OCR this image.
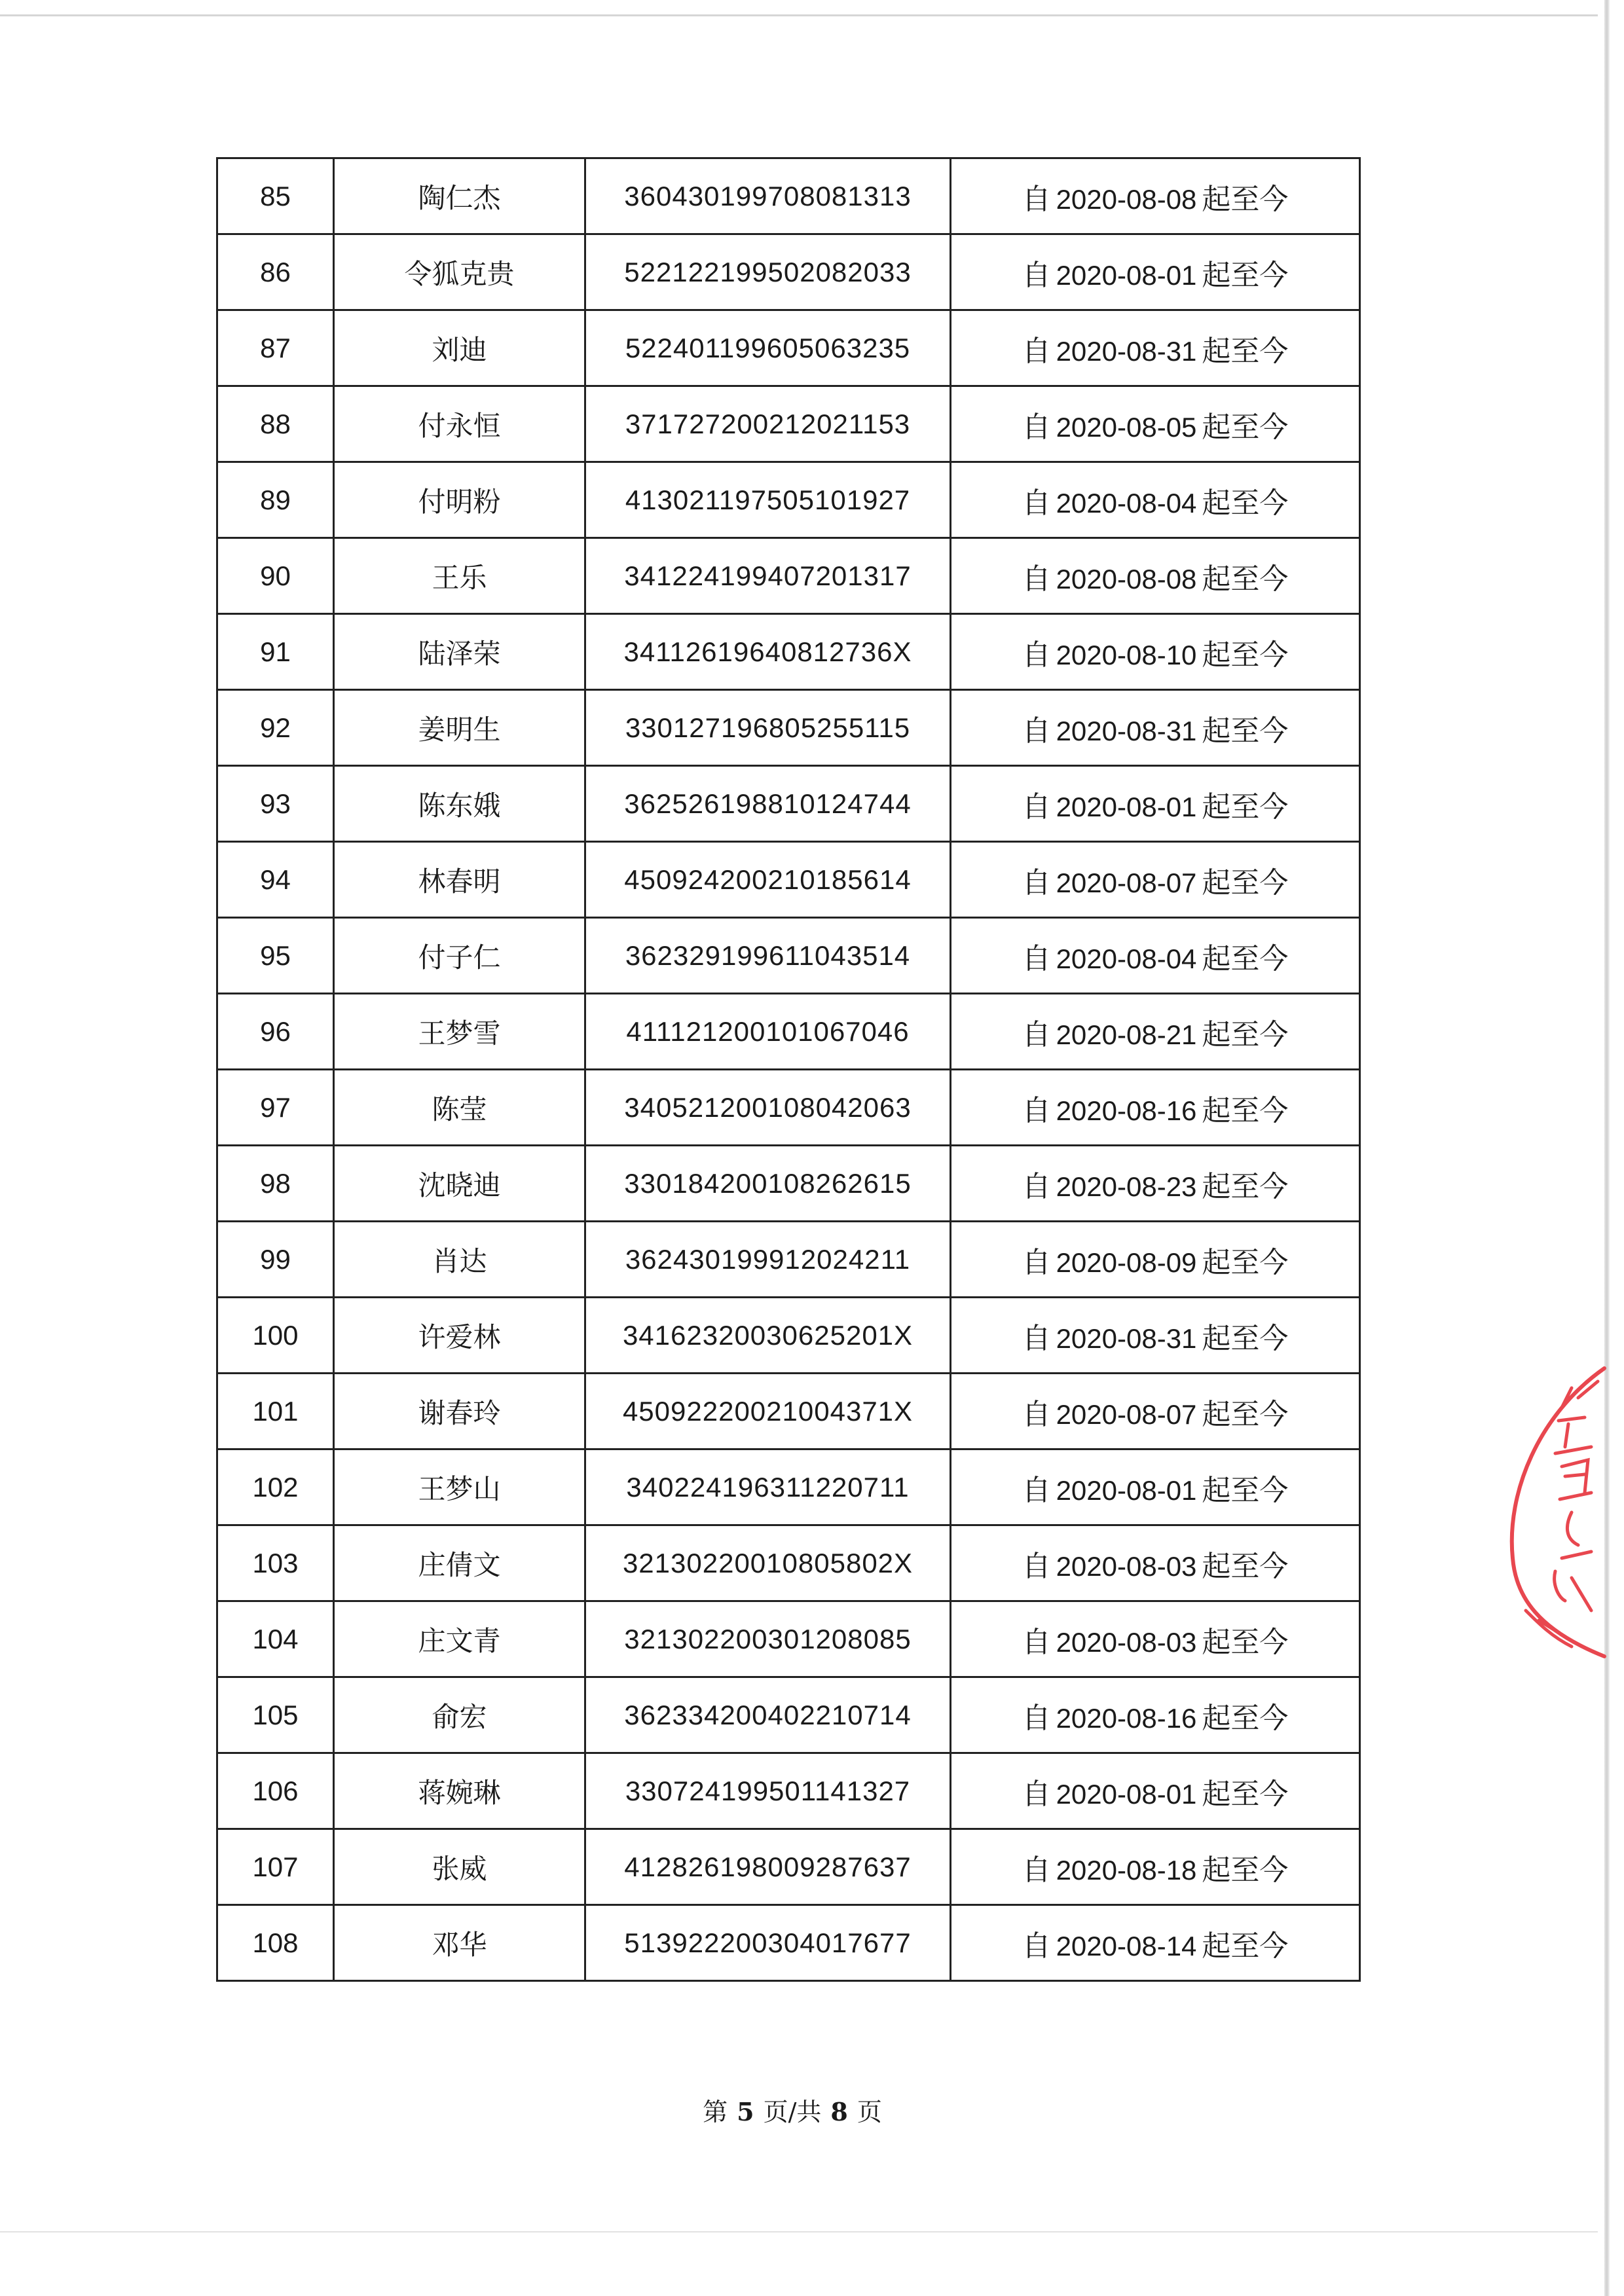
85	陶仁杰	360430199708081313	自 2020-08-08 起至今
86	令狐克贵	522122199502082033	自 2020-08-01 起至今
87	刘迪	522401199605063235	自 2020-08-31 起至今
88	付永恒	371727200212021153	自 2020-08-05 起至今
89	付明粉	413021197505101927	自 2020-08-04 起至今
90	王乐	341224199407201317	自 2020-08-08 起至今
91	陆泽荣	34112619640812736X	自 2020-08-10 起至今
92	姜明生	330127196805255115	自 2020-08-31 起至今
93	陈东娥	362526198810124744	自 2020-08-01 起至今
94	林春明	450924200210185614	自 2020-08-07 起至今
95	付子仁	362329199611043514	自 2020-08-04 起至今
96	王梦雪	411121200101067046	自 2020-08-21 起至今
97	陈莹	340521200108042063	自 2020-08-16 起至今
98	沈晓迪	330184200108262615	自 2020-08-23 起至今
99	肖达	362430199912024211	自 2020-08-09 起至今
100	许爱林	34162320030625201X	自 2020-08-31 起至今
101	谢春玲	45092220021004371X	自 2020-08-07 起至今
102	王梦山	340224196311220711	自 2020-08-01 起至今
103	庄倩文	32130220010805802X	自 2020-08-03 起至今
104	庄文青	321302200301208085	自 2020-08-03 起至今
105	俞宏	362334200402210714	自 2020-08-16 起至今
106	蒋婉琳	330724199501141327	自 2020-08-01 起至今
107	张威	412826198009287637	自 2020-08-18 起至今
108	邓华	513922200304017677	自 2020-08-14 起至今
第 5 页/共 8 页
